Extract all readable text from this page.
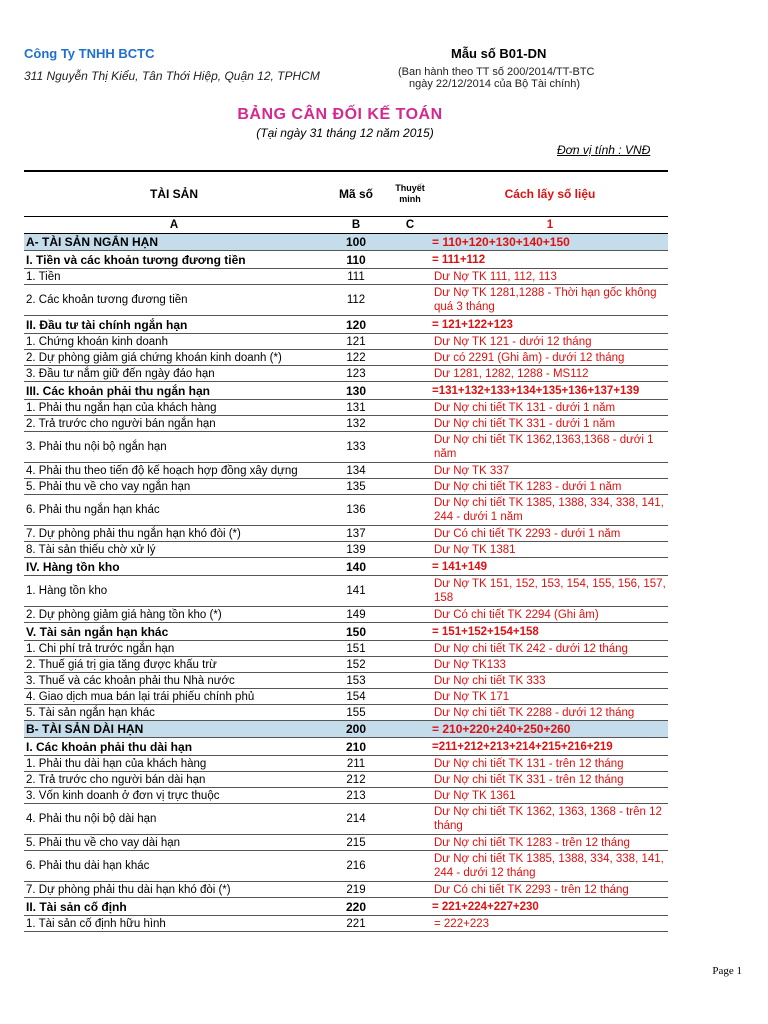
Công Ty TNHH BCTC
311 Nguyễn Thị Kiểu, Tân Thới Hiệp, Quận 12, TPHCM
Mẫu số B01-DN
(Ban hành theo TT số 200/2014/TT-BTC
ngày 22/12/2014 của Bộ Tài chính)
BẢNG CÂN ĐỐI KẾ TOÁN
(Tại ngày 31 tháng 12 năm 2015)
Đơn vị tính : VNĐ
TÀI SẢN	Mã số	Thuyết minh	Cách lấy số liệu
A	B	C	1
A- TÀI SẢN NGẮN HẠN	100		= 110+120+130+140+150
I. Tiền và các khoản tương đương tiền	110		= 111+112
1. Tiền	111		Dư Nợ TK 111, 112, 113
2. Các khoản tương đương tiền	112		Dư Nợ TK 1281,1288 - Thời hạn gốc không quá 3 tháng
II. Đầu tư tài chính ngắn hạn	120		= 121+122+123
1. Chứng khoán kinh doanh	121		Dư Nợ TK 121 - dưới 12 tháng
2. Dự phòng giảm giá chứng khoán kinh doanh (*)	122		Dư có 2291 (Ghi âm) - dưới 12 tháng
3. Đầu tư nắm giữ đến ngày đáo hạn	123		Dư 1281, 1282, 1288 - MS112
III. Các khoản phải thu ngắn hạn	130		=131+132+133+134+135+136+137+139
1. Phải thu ngắn hạn của khách hàng	131		Dư Nợ chi tiết TK 131 - dưới 1 năm
2. Trả trước cho người bán ngắn hạn	132		Dư Nợ chi tiết TK 331 - dưới 1 năm
3. Phải thu nội bộ ngắn hạn	133		Dư Nợ chi tiết TK 1362,1363,1368 - dưới 1 năm
4. Phải thu theo tiến độ kế hoạch hợp đồng xây dựng	134		Dư Nợ TK 337
5. Phải thu về cho vay ngắn hạn	135		Dư Nợ chi tiết TK 1283 - dưới 1 năm
6. Phải thu ngắn hạn khác	136		Dư Nợ chi tiết TK 1385, 1388, 334, 338, 141, 244 - dưới 1 năm
7. Dự phòng phải thu ngắn hạn khó đòi (*)	137		Dư Có chi tiết TK 2293 - dưới 1 năm
8. Tài sản thiếu chờ xử lý	139		Dư Nợ TK 1381
IV. Hàng tồn kho	140		= 141+149
1. Hàng tồn kho	141		Dư Nợ TK 151, 152, 153, 154, 155, 156, 157, 158
2. Dự phòng giảm giá hàng tồn kho (*)	149		Dư Có chi tiết TK 2294 (Ghi âm)
V. Tài sản ngắn hạn khác	150		= 151+152+154+158
1. Chi phí trả trước ngắn hạn	151		Dư Nợ chi tiết TK 242 - dưới 12 tháng
2. Thuế giá trị gia tăng được khấu trừ	152		Dư Nợ TK133
3. Thuế và các khoản phải thu Nhà nước	153		Dư Nợ chi tiết TK 333
4. Giao dịch mua bán lại trái phiếu chính phủ	154		Dư Nợ TK 171
5. Tài sản ngắn hạn khác	155		Dư Nợ chi tiết TK 2288 - dưới 12 tháng
B- TÀI SẢN DÀI HẠN	200		= 210+220+240+250+260
I. Các khoản phải thu dài hạn	210		=211+212+213+214+215+216+219
1. Phải thu dài hạn của khách hàng	211		Dư Nợ chi tiết TK 131 - trên 12 tháng
2. Trả trước cho người bán dài hạn	212		Dư Nợ chi tiết TK 331 - trên 12 tháng
3. Vốn kinh doanh ở đơn vị trực thuộc	213		Dư Nợ TK 1361
4. Phải thu nội bộ dài hạn	214		Dư Nợ chi tiết TK 1362, 1363, 1368 - trên 12 tháng
5. Phải thu về cho vay dài hạn	215		Dư Nợ chi tiết TK 1283 - trên 12 tháng
6. Phải thu dài hạn khác	216		Dư Nợ chi tiết TK 1385, 1388, 334, 338, 141, 244 - dưới 12 tháng
7. Dự phòng phải thu dài hạn khó đòi (*)	219		Dư Có chi tiết TK 2293 - trên 12 tháng
II. Tài sản cố định	220		= 221+224+227+230
1. Tài sản cố định hữu hình	221		= 222+223
Page 1
